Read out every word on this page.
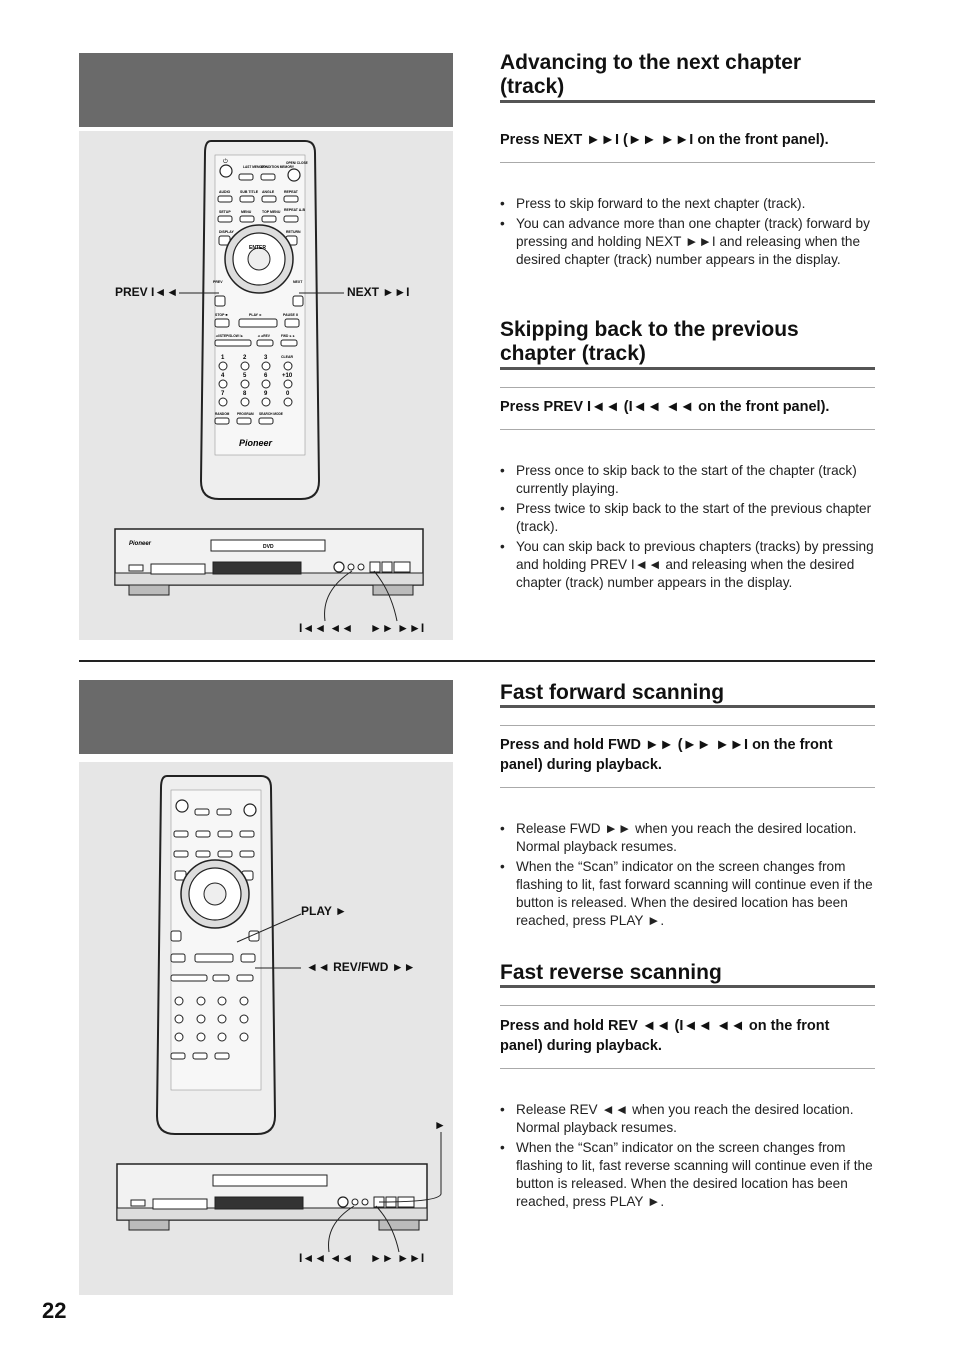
⏻
LAST MEMORY
CONDITION MEMORY
OPEN/ CLOSE
AUDIO	SUB TITLE ANGLE	REPEAT
SETUP	MENU	TOP MENU REPEAT A-B
DISPLAY	RETURN
ENTER
PREV	NEXT
STOP ■	PLAY ►	PAUSE II
◄I/STEP/SLOW I►	◄◄REV	FWD ►►
1	2	3	CLEAR
4	5	6 +10
7	8	9	0
RANDOM PROGRAM SEARCH MODE
Pioneer
Pioneer	DVD
PREV I◄◄	NEXT ►►I
I◄◄ ◄◄ ►► ►►I
PLAY ►
◄◄ REV/FWD ►►
►
I◄◄ ◄◄ ►► ►►I
Advancing to the next chapter (track)

Press NEXT ►►I (►► ►►I on the front panel).

• Press to skip forward to the next chapter (track).
• You can advance more than one chapter (track) forward by pressing and holding NEXT ►►I and releasing when the desired chapter (track) number appears in the display.
Skipping back to the previous chapter (track)

Press PREV I◄◄ (I◄◄ ◄◄ on the front panel).

• Press once to skip back to the start of the chapter (track) currently playing.
• Press twice to skip back to the start of the previous chapter (track).
• You can skip back to previous chapters (tracks) by pressing and holding PREV I◄◄ and releasing when the desired chapter (track) number appears in the display.
Fast forward scanning

Press and hold FWD ►► (►► ►►I on the front panel) during playback.

• Release FWD ►► when you reach the desired location. Normal playback resumes.
• When the “Scan” indicator on the screen changes from flashing to lit, fast forward scanning will continue even if the button is released. When the desired location has been reached, press PLAY ►.
Fast reverse scanning

Press and hold REV ◄◄ (I◄◄ ◄◄ on the front panel) during playback.

• Release REV ◄◄ when you reach the desired location. Normal playback resumes.
• When the “Scan” indicator on the screen changes from flashing to lit, fast reverse scanning will continue even if the button is released. When the desired location has been reached, press PLAY ►.
22
